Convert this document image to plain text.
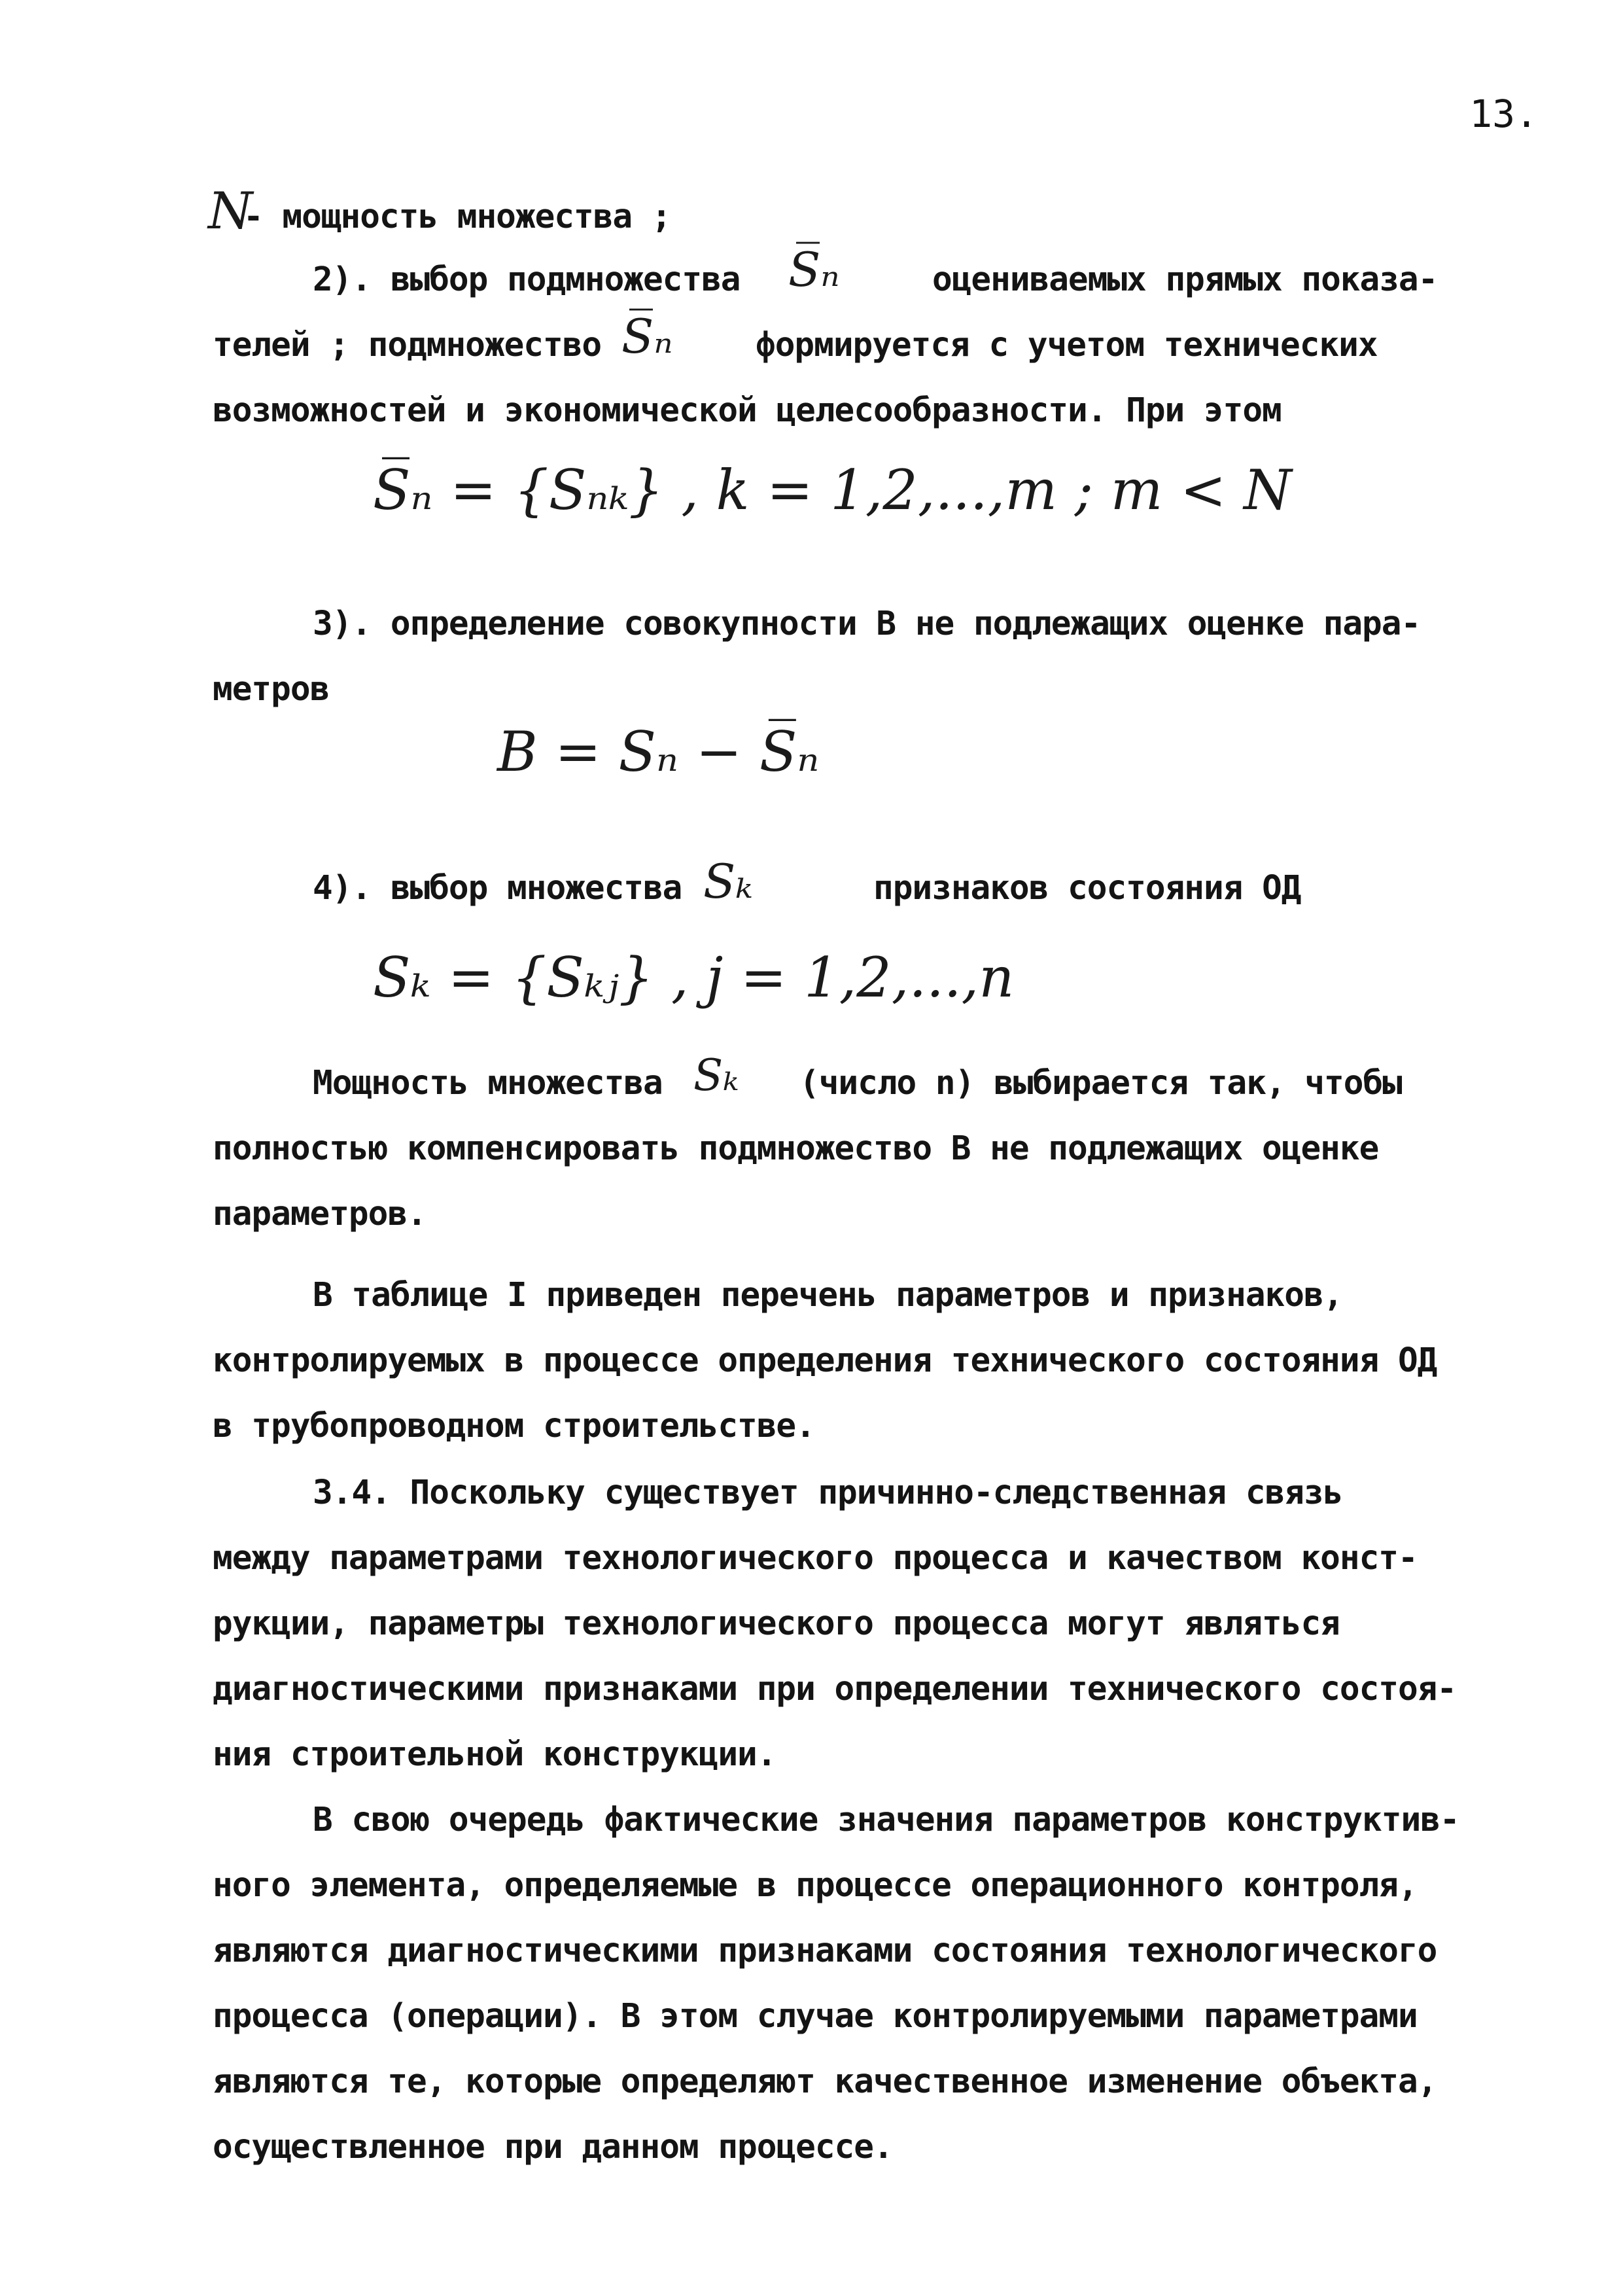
13.
N
- мощность множества ;
2). выбор подмножества S̅ₙ	оцениваемых прямых показа-
телей ; подмножество S̅ₙ формируется с учетом технических
возможностей и экономической целесообразности. При этом
S̅ₙ = {Sₙₖ} , k = 1,2,...,m ; m < N
3). определение совокупности B не подлежащих оценке пара-
метров
B = Sₙ − S̅ₙ
4). выбор множества Sₖ	признаков состояния ОД
Sₖ = {Sₖⱼ} , j = 1,2,...,n
Мощность множества Sₖ (число n) выбирается так, чтобы
полностью компенсировать подмножество B не подлежащих оценке
параметров.
В таблице I приведен перечень параметров и признаков,
контролируемых в процессе определения технического состояния ОД
в трубопроводном строительстве.
3.4. Поскольку существует причинно-следственная связь
между параметрами технологического процесса и качеством конст-
рукции, параметры технологического процесса могут являться
диагностическими признаками при определении технического состоя-
ния строительной конструкции.
В свою очередь фактические значения параметров конструктив-
ного элемента, определяемые в процессе операционного контроля,
являются диагностическими признаками состояния технологического
процесса (операции). В этом случае контролируемыми параметрами
являются те, которые определяют качественное изменение объекта,
осуществленное при данном процессе.
